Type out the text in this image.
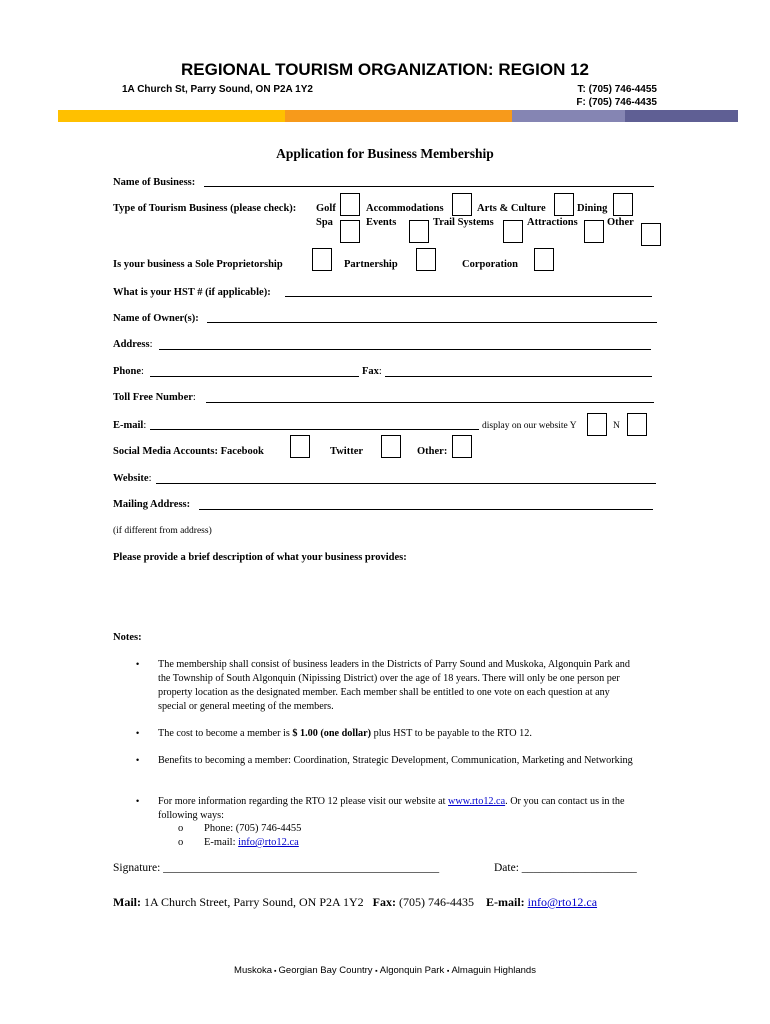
REGIONAL TOURISM ORGANIZATION: REGION 12
1A Church St, Parry Sound, ON P2A 1Y2	T: (705) 746-4455
F: (705) 746-4435
Application for Business Membership
Name of Business:
Type of Tourism Business (please check): Golf	Accommodations	Arts & Culture	Dining
Spa	Events	Trail Systems	Attractions	Other
Is your business a Sole Proprietorship	Partnership	Corporation
What is your HST # (if applicable):
Name of Owner(s):
Address:
Phone:	Fax:
Toll Free Number:
E-mail:	display on our website Y	N
Social Media Accounts: Facebook	Twitter	Other:
Website:
Mailing Address:
(if different from address)
Please provide a brief description of what your business provides:
Notes:
• The membership shall consist of business leaders in the Districts of Parry Sound and Muskoka, Algonquin Park and the Township of South Algonquin (Nipissing District) over the age of 18 years. There will only be one person per property location as the designated member. Each member shall be entitled to one vote on each question at any special or general meeting of the members.
• The cost to become a member is $ 1.00 (one dollar) plus HST to be payable to the RTO 12.
• Benefits to becoming a member: Coordination, Strategic Development, Communication, Marketing and Networking
• For more information regarding the RTO 12 please visit our website at www.rto12.ca. Or you can contact us in the following ways:
o Phone: (705) 746-4455
o E-mail: info@rto12.ca
Signature: ________________________________________________	Date: ____________________
Mail: 1A Church Street, Parry Sound, ON P2A 1Y2 Fax: (705) 746-4435 E-mail: info@rto12.ca
Muskoka ▪ Georgian Bay Country ▪ Algonquin Park ▪ Almaguin Highlands
